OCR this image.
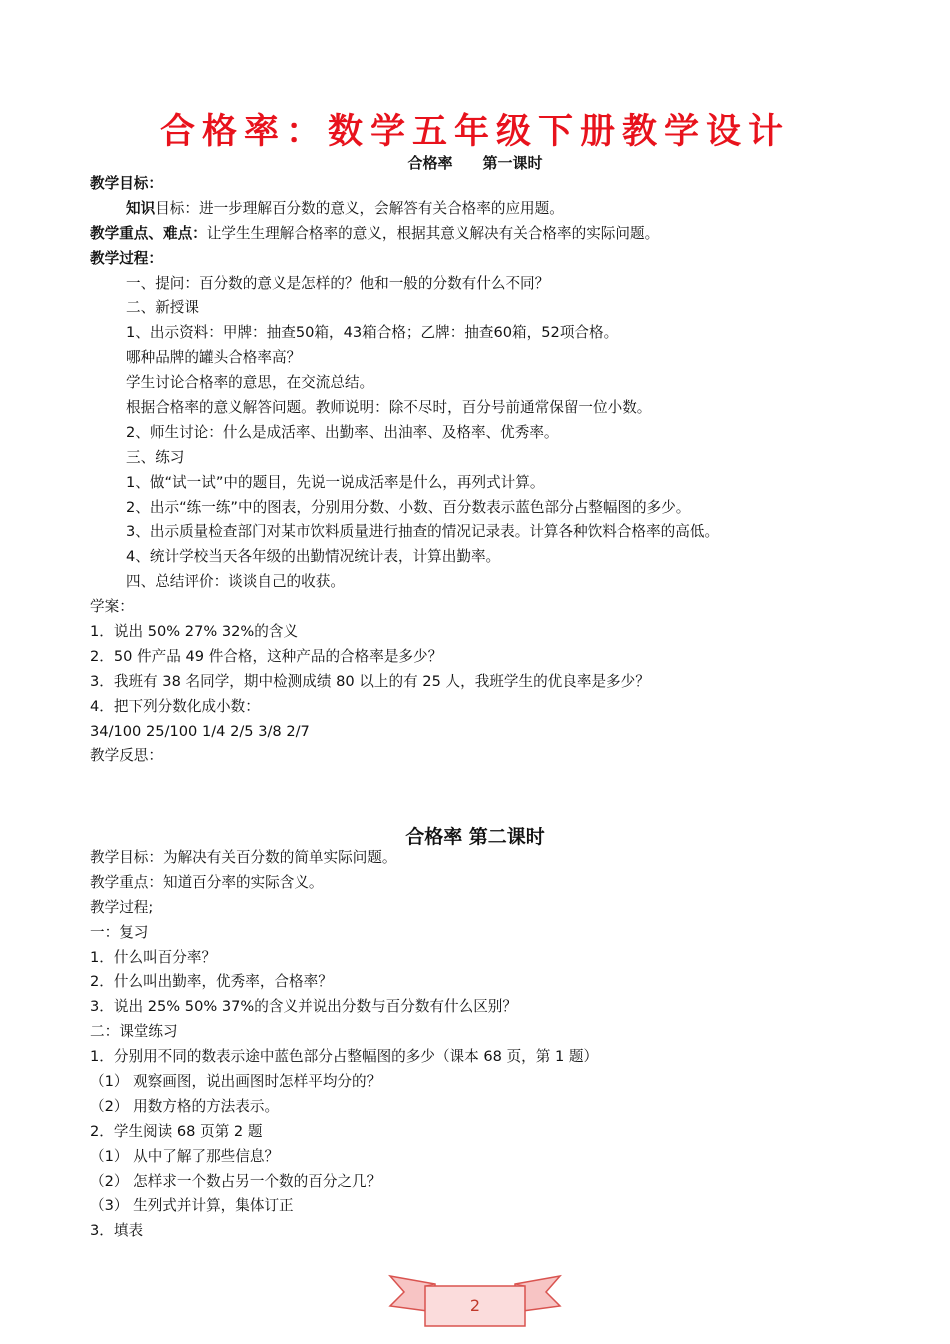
合格率：数学五年级下册教学设计
合格率 第一课时
教学目标：
知识目标：进一步理解百分数的意义，会解答有关合格率的应用题。
教学重点、难点：让学生生理解合格率的意义，根据其意义解决有关合格率的实际问题。
教学过程：
一、提问：百分数的意义是怎样的？他和一般的分数有什么不同？
二、新授课
1、出示资料：甲牌：抽查50箱，43箱合格；乙牌：抽查60箱，52项合格。
哪种品牌的罐头合格率高？
学生讨论合格率的意思，在交流总结。
根据合格率的意义解答问题。教师说明：除不尽时，百分号前通常保留一位小数。
2、师生讨论：什么是成活率、出勤率、出油率、及格率、优秀率。
三、练习
1、做“试一试”中的题目，先说一说成活率是什么，再列式计算。
2、出示“练一练”中的图表，分别用分数、小数、百分数表示蓝色部分占整幅图的多少。
3、出示质量检查部门对某市饮料质量进行抽查的情况记录表。计算各种饮料合格率的高低。
4、统计学校当天各年级的出勤情况统计表，计算出勤率。
四、总结评价：谈谈自己的收获。
学案：
1．说出 50% 27% 32%的含义
2．50 件产品 49 件合格，这种产品的合格率是多少？
3．我班有 38 名同学，期中检测成绩 80 以上的有 25 人，我班学生的优良率是多少？
4．把下列分数化成小数：
34/100 25/100 1/4 2/5 3/8 2/7
教学反思：
合格率 第二课时
教学目标：为解决有关百分数的简单实际问题。
教学重点：知道百分率的实际含义。
教学过程;
一：复习
1．什么叫百分率？
2．什么叫出勤率，优秀率，合格率？
3．说出 25% 50% 37%的含义并说出分数与百分数有什么区别？
二：课堂练习
1．分别用不同的数表示途中蓝色部分占整幅图的多少（课本 68 页，第 1 题）
（1） 观察画图，说出画图时怎样平均分的？
（2） 用数方格的方法表示。
2．学生阅读 68 页第 2 题
（1） 从中了解了那些信息？
（2） 怎样求一个数占另一个数的百分之几？
（3） 生列式并计算，集体订正
3．填表
2
